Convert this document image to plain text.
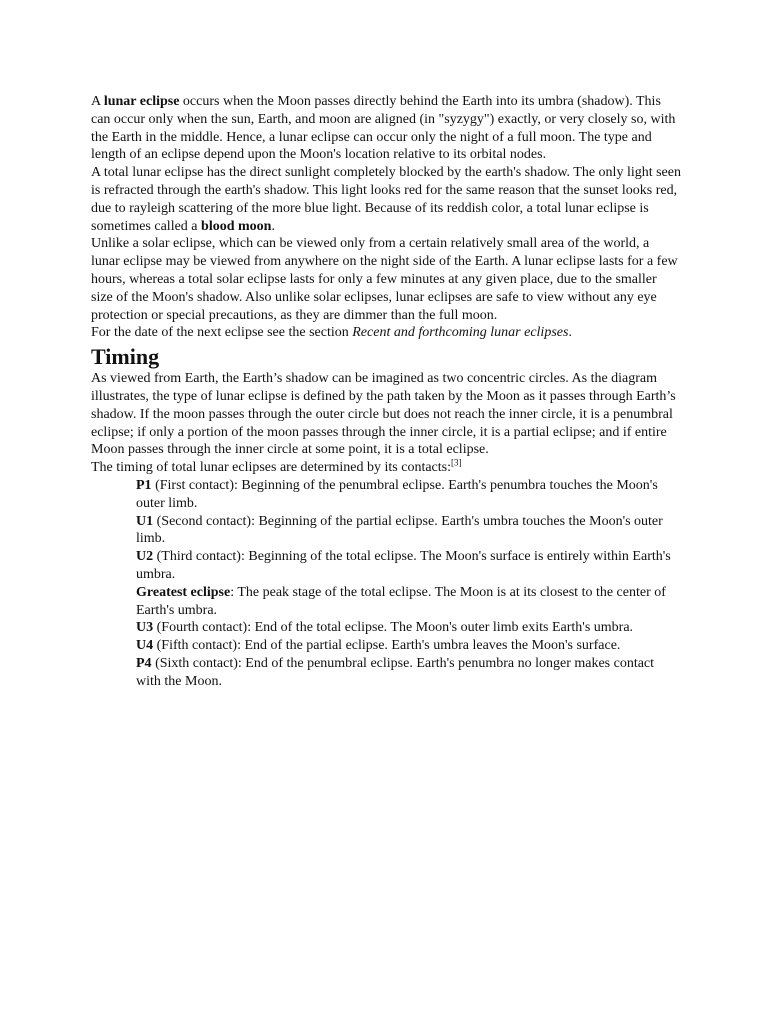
A lunar eclipse occurs when the Moon passes directly behind the Earth into its umbra (shadow). This can occur only when the sun, Earth, and moon are aligned (in "syzygy") exactly, or very closely so, with the Earth in the middle. Hence, a lunar eclipse can occur only the night of a full moon. The type and length of an eclipse depend upon the Moon's location relative to its orbital nodes.

A total lunar eclipse has the direct sunlight completely blocked by the earth's shadow. The only light seen is refracted through the earth's shadow. This light looks red for the same reason that the sunset looks red, due to rayleigh scattering of the more blue light. Because of its reddish color, a total lunar eclipse is sometimes called a blood moon.

Unlike a solar eclipse, which can be viewed only from a certain relatively small area of the world, a lunar eclipse may be viewed from anywhere on the night side of the Earth. A lunar eclipse lasts for a few hours, whereas a total solar eclipse lasts for only a few minutes at any given place, due to the smaller size of the Moon's shadow. Also unlike solar eclipses, lunar eclipses are safe to view without any eye protection or special precautions, as they are dimmer than the full moon.

For the date of the next eclipse see the section Recent and forthcoming lunar eclipses.

Timing

As viewed from Earth, the Earth’s shadow can be imagined as two concentric circles. As the diagram illustrates, the type of lunar eclipse is defined by the path taken by the Moon as it passes through Earth’s shadow. If the moon passes through the outer circle but does not reach the inner circle, it is a penumbral eclipse; if only a portion of the moon passes through the inner circle, it is a partial eclipse; and if entire Moon passes through the inner circle at some point, it is a total eclipse.

The timing of total lunar eclipses are determined by its contacts:[3]

P1 (First contact): Beginning of the penumbral eclipse. Earth's penumbra touches the Moon's outer limb.

U1 (Second contact): Beginning of the partial eclipse. Earth's umbra touches the Moon's outer limb.

U2 (Third contact): Beginning of the total eclipse. The Moon's surface is entirely within Earth's umbra.

Greatest eclipse: The peak stage of the total eclipse. The Moon is at its closest to the center of Earth's umbra.

U3 (Fourth contact): End of the total eclipse. The Moon's outer limb exits Earth's umbra.

U4 (Fifth contact): End of the partial eclipse. Earth's umbra leaves the Moon's surface.

P4 (Sixth contact): End of the penumbral eclipse. Earth's penumbra no longer makes contact with the Moon.
